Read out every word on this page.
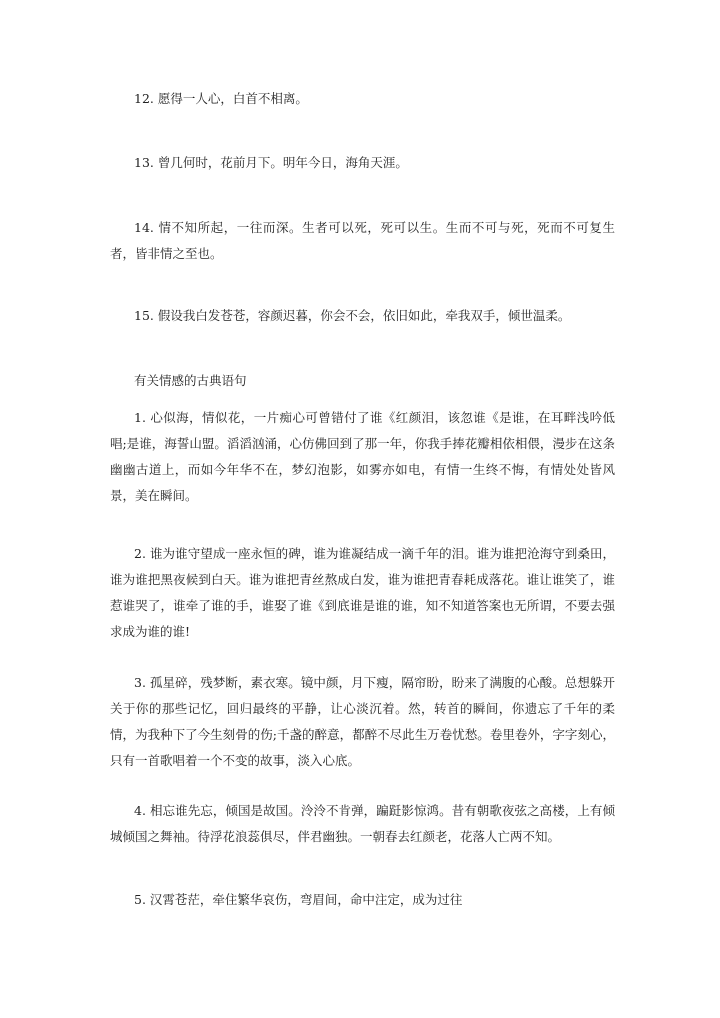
12. 愿得一人心，白首不相离。

13. 曾几何时，花前月下。明年今日，海角天涯。

14. 情不知所起，一往而深。生者可以死，死可以生。生而不可与死，死而不可复生者，皆非情之至也。

15. 假设我白发苍苍，容颜迟暮，你会不会，依旧如此，牵我双手，倾世温柔。

有关情感的古典语句

1. 心似海，情似花，一片痴心可曾错付了谁《红颜泪，该忽谁《是谁，在耳畔浅吟低唱;是谁，海誓山盟。滔滔汹涌，心仿佛回到了那一年，你我手捧花瓣相依相偎，漫步在这条幽幽古道上，而如今年华不在，梦幻泡影，如雾亦如电，有情一生终不悔，有情处处皆风景，美在瞬间。

2. 谁为谁守望成一座永恒的碑，谁为谁凝结成一滴千年的泪。谁为谁把沧海守到桑田，谁为谁把黑夜候到白天。谁为谁把青丝熬成白发，谁为谁把青春耗成落花。谁让谁笑了，谁惹谁哭了，谁牵了谁的手，谁娶了谁《到底谁是谁的谁，知不知道答案也无所谓，不要去强求成为谁的谁!

3. 孤星碎，残梦断，素衣寒。镜中颜，月下瘦，隔帘盼，盼来了满腹的心酸。总想躲开关于你的那些记忆，回归最终的平静，让心淡沉着。然，转首的瞬间，你遗忘了千年的柔情，为我种下了今生刻骨的伤;千盏的醉意，都醉不尽此生万卷忧愁。卷里卷外，字字刻心，只有一首歌唱着一个不变的故事，淡入心底。

4. 相忘谁先忘，倾国是故国。泠泠不肯弹，蹁跹影惊鸿。昔有朝歌夜弦之高楼，上有倾城倾国之舞袖。待浮花浪蕊俱尽，伴君幽独。一朝春去红颜老，花落人亡两不知。

5. 汉霄苍茫，牵住繁华哀伤，弯眉间，命中注定，成为过往
